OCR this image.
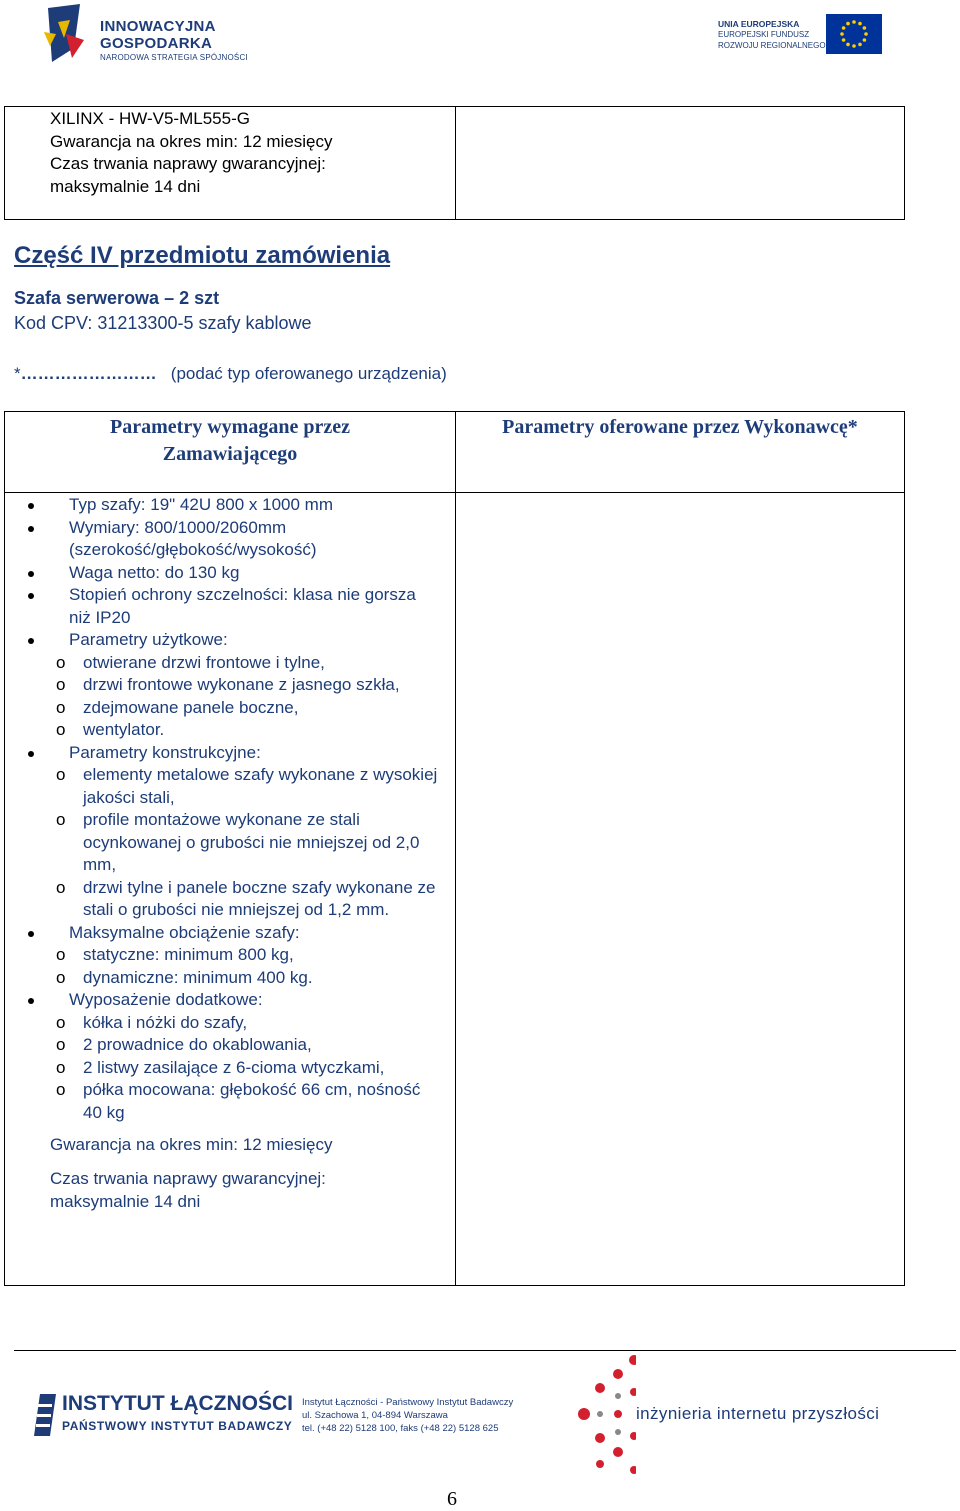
INNOWACYJNA
GOSPODARKA
NARODOWA STRATEGIA SPÓJNOŚCI
UNIA EUROPEJSKA
EUROPEJSKI FUNDUSZ
ROZWOJU REGIONALNEGO
XILINX - HW-V5-ML555-G
Gwarancja na okres min: 12 miesięcy
Czas trwania naprawy gwarancyjnej:
maksymalnie 14 dni
Część IV przedmiotu zamówienia
Szafa serwerowa – 2 szt
Kod CPV: 31213300-5 szafy kablowe
*…………………… (podać typ oferowanego urządzenia)
Parametry wymagane przez
Zamawiającego
Parametry oferowane przez Wykonawcę*
Typ szafy: 19" 42U 800 x 1000 mm
Wymiary: 800/1000/2060mm (szerokość/głębokość/wysokość)
Waga netto: do 130 kg
Stopień ochrony szczelności: klasa nie gorsza niż IP20
Parametry użytkowe:
o otwierane drzwi frontowe i tylne,
o drzwi frontowe wykonane z jasnego szkła,
o zdejmowane panele boczne,
o wentylator.
Parametry konstrukcyjne:
o elementy metalowe szafy wykonane z wysokiej jakości stali,
o profile montażowe wykonane ze stali ocynkowanej o grubości nie mniejszej od 2,0 mm,
o drzwi tylne i panele boczne szafy wykonane ze stali o grubości nie mniejszej od 1,2 mm.
Maksymalne obciążenie szafy:
o statyczne: minimum 800 kg,
o dynamiczne: minimum 400 kg.
Wyposażenie dodatkowe:
o kółka i nóżki do szafy,
o 2 prowadnice do okablowania,
o 2 listwy zasilające z 6-cioma wtyczkami,
o półka mocowana: głębokość 66 cm, nośność 40 kg
Gwarancja na okres min: 12 miesięcy
Czas trwania naprawy gwarancyjnej:
maksymalnie 14 dni
INSTYTUT ŁĄCZNOŚCI
PAŃSTWOWY INSTYTUT BADAWCZY
Instytut Łączności - Państwowy Instytut Badawczy
ul. Szachowa 1, 04-894 Warszawa
tel. (+48 22) 5128 100, faks (+48 22) 5128 625
inżynieria internetu przyszłości
6
